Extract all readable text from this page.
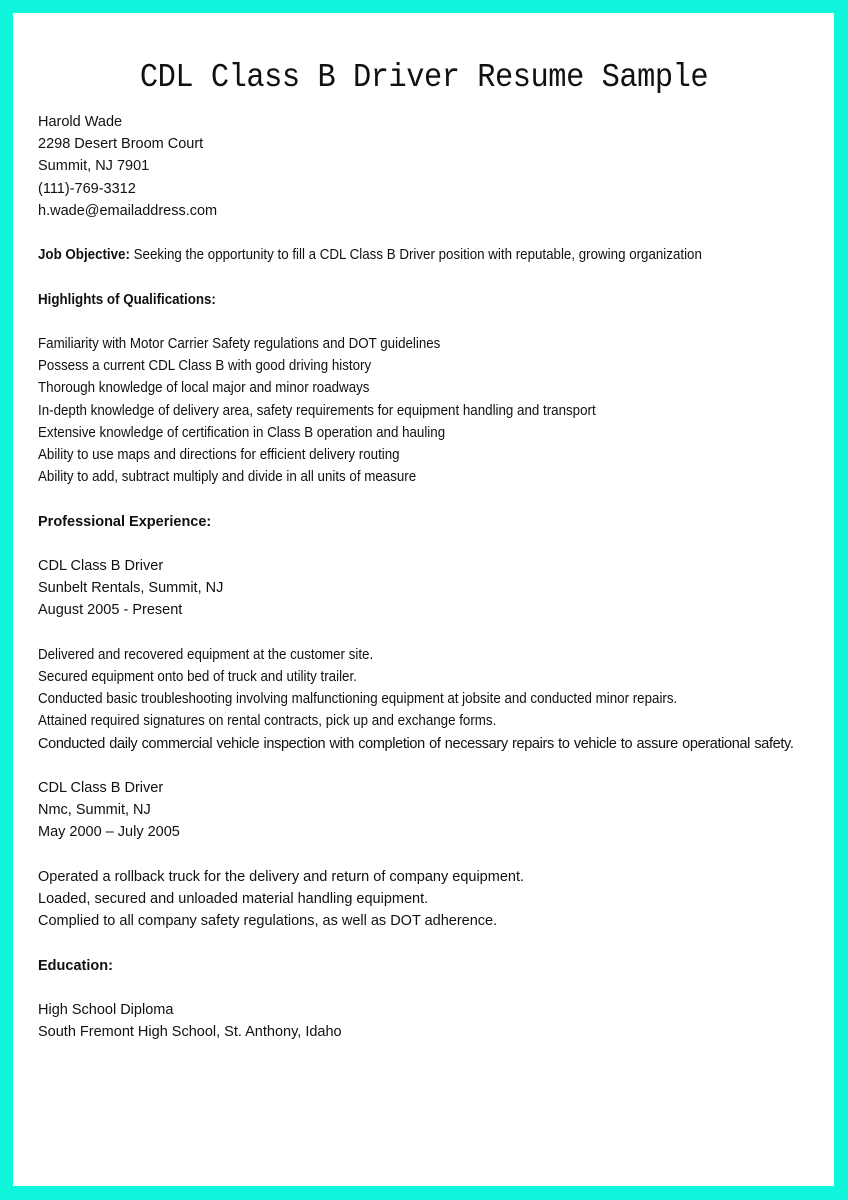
CDL Class B Driver Resume Sample
Harold Wade
2298 Desert Broom Court
Summit, NJ 7901
(111)-769-3312
h.wade@emailaddress.com
Job Objective: Seeking the opportunity to fill a CDL Class B Driver position with reputable, growing organization
Highlights of Qualifications:
Familiarity with Motor Carrier Safety regulations and DOT guidelines
Possess a current CDL Class B with good driving history
Thorough knowledge of local major and minor roadways
In-depth knowledge of delivery area, safety requirements for equipment handling and transport
Extensive knowledge of certification in Class B operation and hauling
Ability to use maps and directions for efficient delivery routing
Ability to add, subtract multiply and divide in all units of measure
Professional Experience:
CDL Class B Driver
Sunbelt Rentals, Summit, NJ
August 2005 - Present
Delivered and recovered equipment at the customer site.
Secured equipment onto bed of truck and utility trailer.
Conducted basic troubleshooting involving malfunctioning equipment at jobsite and conducted minor repairs.
Attained required signatures on rental contracts, pick up and exchange forms.
Conducted daily commercial vehicle inspection with completion of necessary repairs to vehicle to assure operational safety.
CDL Class B Driver
Nmc, Summit, NJ
May 2000 – July 2005
Operated a rollback truck for the delivery and return of company equipment.
Loaded, secured and unloaded material handling equipment.
Complied to all company safety regulations, as well as DOT adherence.
Education:
High School Diploma
South Fremont High School, St. Anthony, Idaho
